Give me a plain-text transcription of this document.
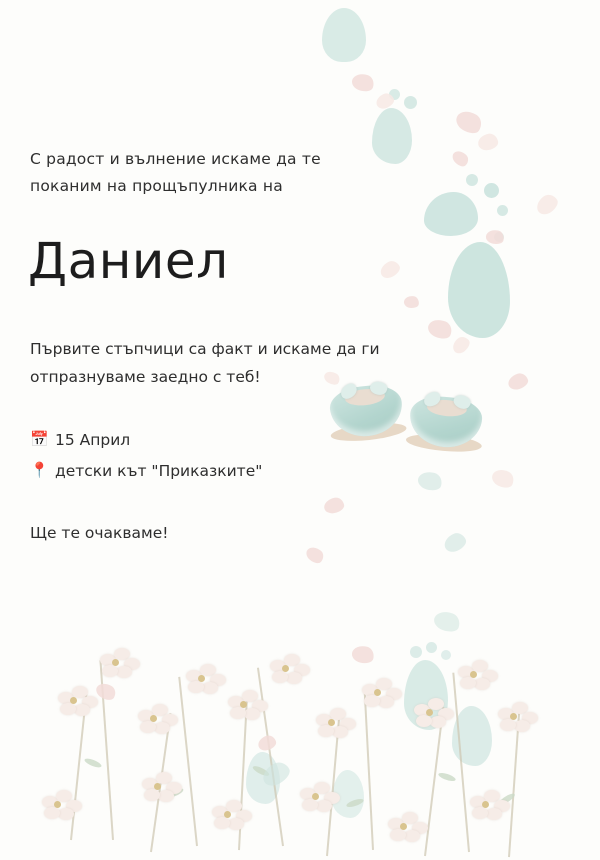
С радост и вълнение искаме да те поканим на прощъпулника на
Даниел
Първите стъпчици са факт и искаме да ги отпразнуваме заедно с теб!
📅 15 Април
📍 детски кът "Приказките"
Ще те очакваме!
